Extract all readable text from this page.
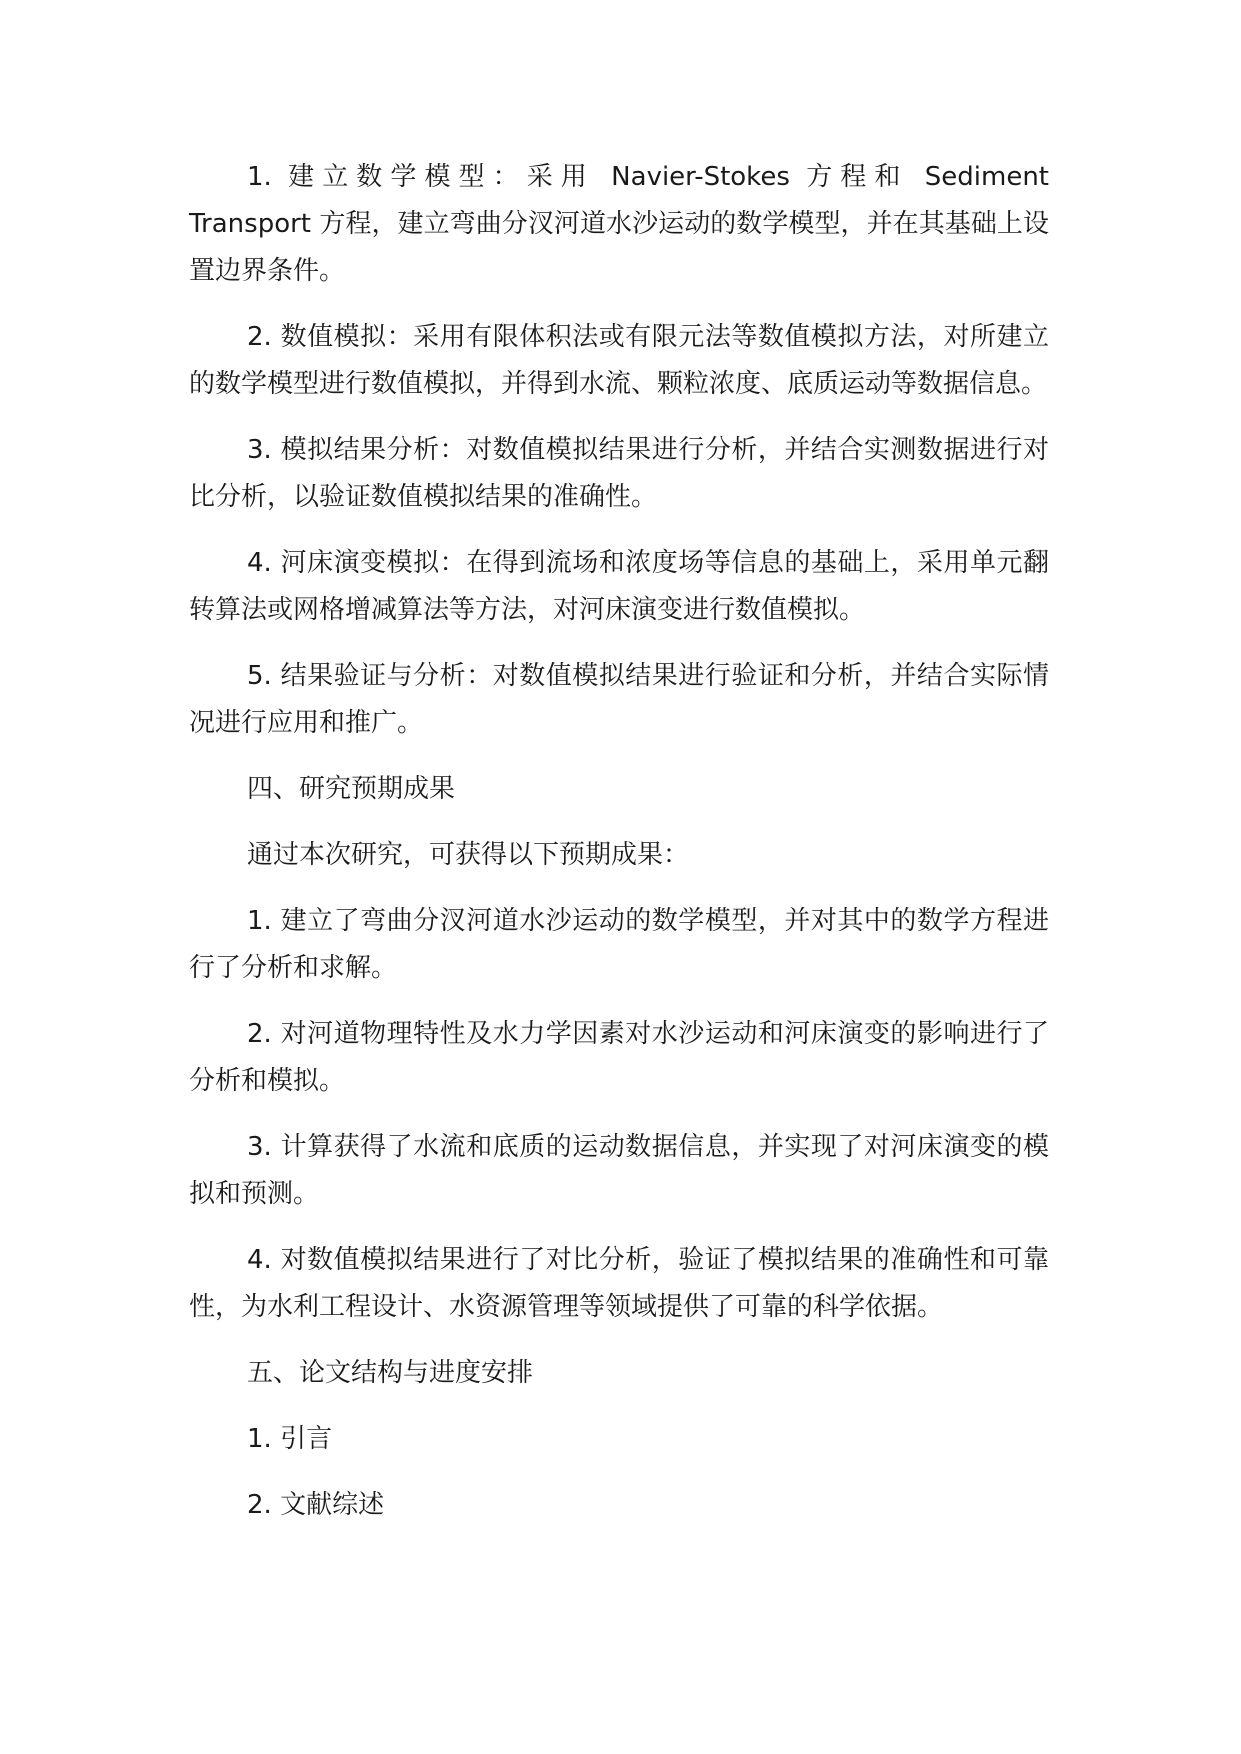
1. 建立数学模型：采用 Navier-Stokes 方程和 Sediment Transport 方程，建立弯曲分汊河道水沙运动的数学模型，并在其基础上设置边界条件。

2. 数值模拟：采用有限体积法或有限元法等数值模拟方法，对所建立的数学模型进行数值模拟，并得到水流、颗粒浓度、底质运动等数据信息。

3. 模拟结果分析：对数值模拟结果进行分析，并结合实测数据进行对比分析，以验证数值模拟结果的准确性。

4. 河床演变模拟：在得到流场和浓度场等信息的基础上，采用单元翻转算法或网格增减算法等方法，对河床演变进行数值模拟。

5. 结果验证与分析：对数值模拟结果进行验证和分析，并结合实际情况进行应用和推广。

四、研究预期成果

通过本次研究，可获得以下预期成果：

1. 建立了弯曲分汊河道水沙运动的数学模型，并对其中的数学方程进行了分析和求解。

2. 对河道物理特性及水力学因素对水沙运动和河床演变的影响进行了分析和模拟。

3. 计算获得了水流和底质的运动数据信息，并实现了对河床演变的模拟和预测。

4. 对数值模拟结果进行了对比分析，验证了模拟结果的准确性和可靠性，为水利工程设计、水资源管理等领域提供了可靠的科学依据。

五、论文结构与进度安排

1. 引言

2. 文献综述
